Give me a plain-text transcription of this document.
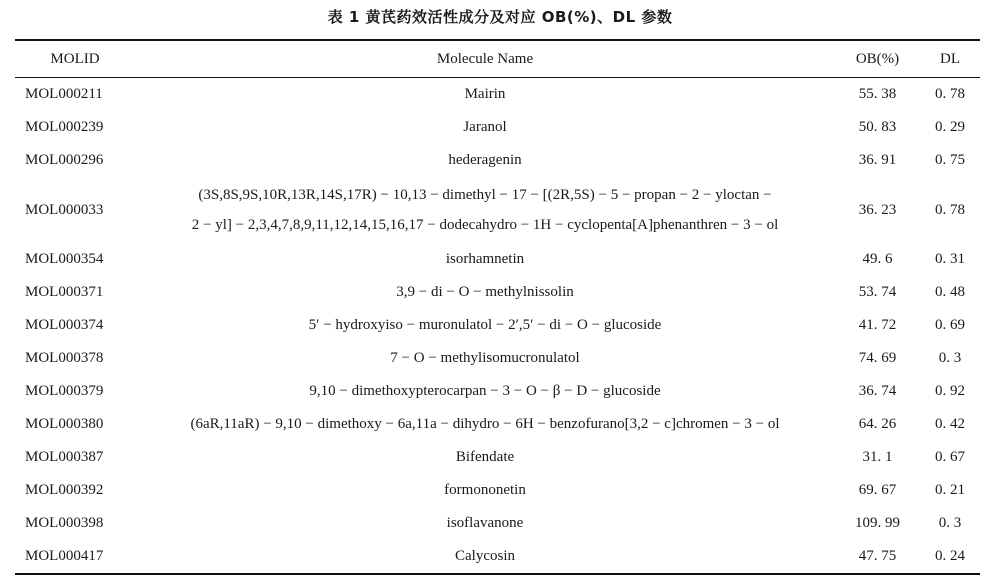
表 1 黄芪药效活性成分及对应 OB(%)、DL 参数
MOLID	Molecule Name	OB(%)	DL
MOL000211	Mairin	55. 38	0. 78
MOL000239	Jaranol	50. 83	0. 29
MOL000296	hederagenin	36. 91	0. 75
MOL000033	(3S,8S,9S,10R,13R,14S,17R) − 10,13 − dimethyl − 17 − [(2R,5S) − 5 − propan − 2 − yloctan −
2 − yl] − 2,3,4,7,8,9,11,12,14,15,16,17 − dodecahydro − 1H − cyclopenta[A]phenanthren − 3 − ol	36. 23	0. 78
MOL000354	isorhamnetin	49. 6	0. 31
MOL000371	3,9 − di − O − methylnissolin	53. 74	0. 48
MOL000374	5′ − hydroxyiso − muronulatol − 2′,5′ − di − O − glucoside	41. 72	0. 69
MOL000378	7 − O − methylisomucronulatol	74. 69	0. 3
MOL000379	9,10 − dimethoxypterocarpan − 3 − O − β − D − glucoside	36. 74	0. 92
MOL000380	(6aR,11aR) − 9,10 − dimethoxy − 6a,11a − dihydro − 6H − benzofurano[3,2 − c]chromen − 3 − ol	64. 26	0. 42
MOL000387	Bifendate	31. 1	0. 67
MOL000392	formononetin	69. 67	0. 21
MOL000398	isoflavanone	109. 99	0. 3
MOL000417	Calycosin	47. 75	0. 24
